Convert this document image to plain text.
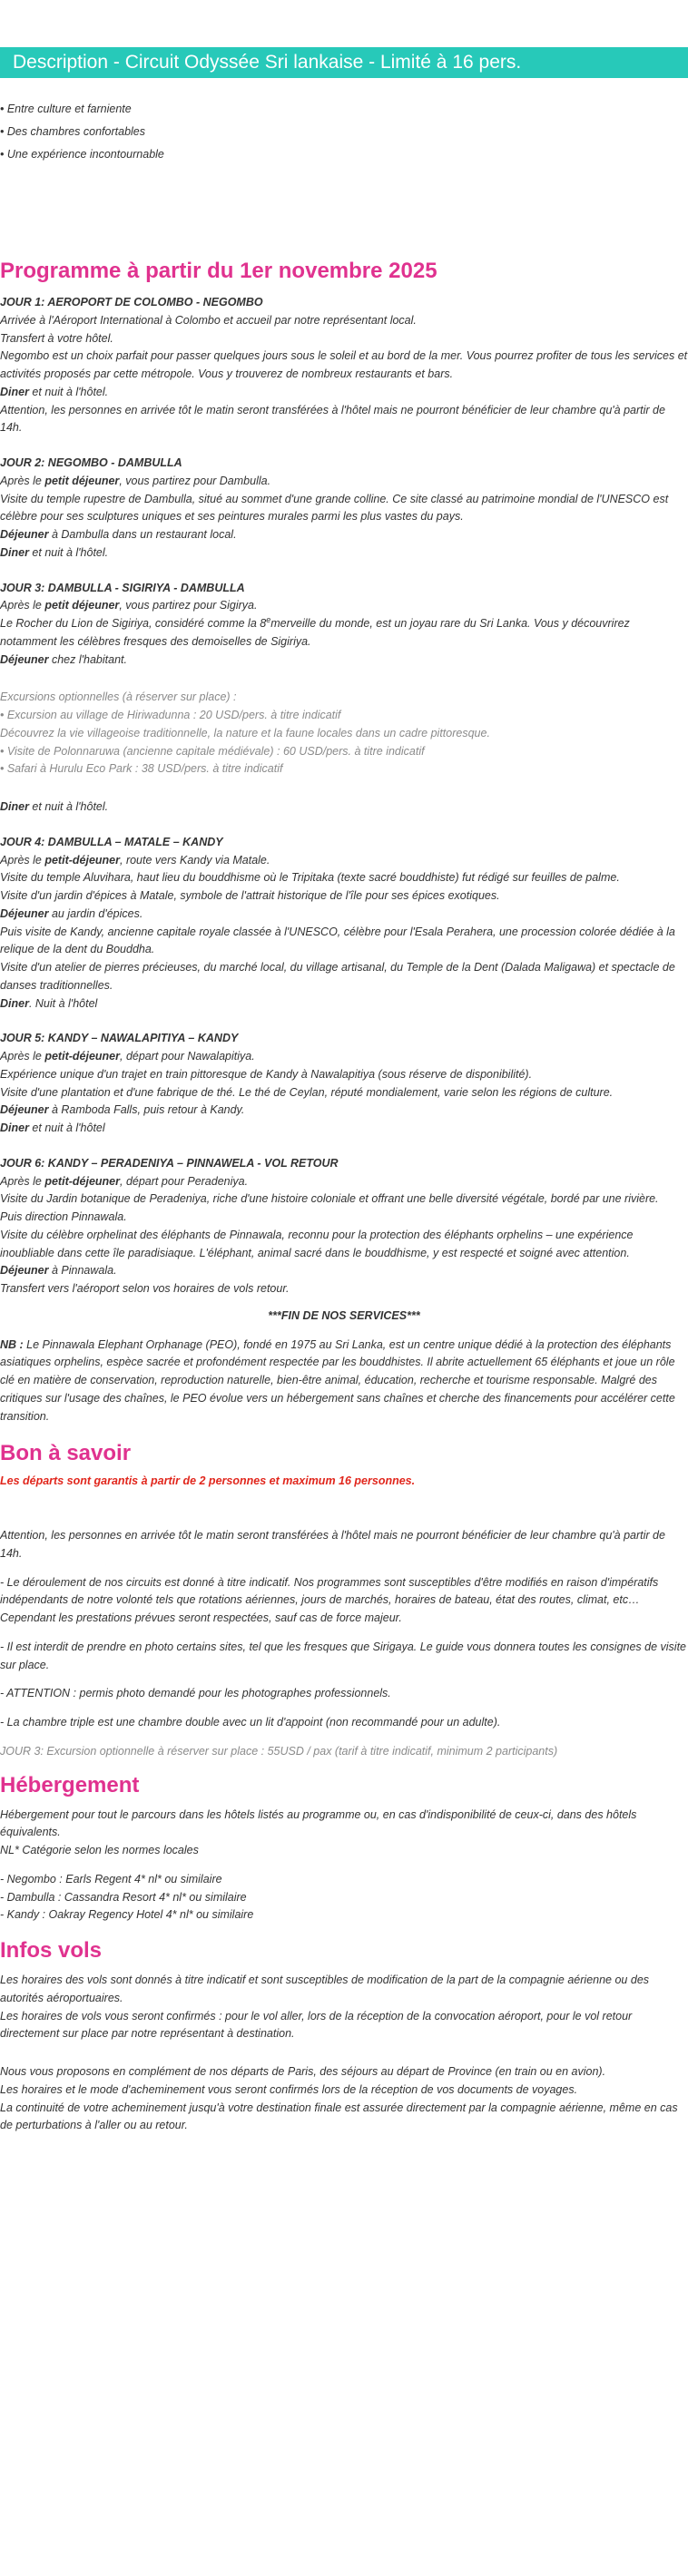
Description - Circuit Odyssée Sri lankaise - Limité à 16 pers.

• Entre culture et farniente

• Des chambres confortables

• Une expérience incontournable

Programme à partir du 1er novembre 2025

JOUR 1: AEROPORT DE COLOMBO - NEGOMBO

Arrivée à l'Aéroport International à Colombo et accueil par notre représentant local.

Transfert à votre hôtel.

Negombo est un choix parfait pour passer quelques jours sous le soleil et au bord de la mer. Vous pourrez profiter de tous les services et activités proposés par cette métropole. Vous y trouverez de nombreux restaurants et bars.

Diner et nuit à l'hôtel.

Attention, les personnes en arrivée tôt le matin seront transférées à l'hôtel mais ne pourront bénéficier de leur chambre qu'à partir de 14h.

JOUR 2: NEGOMBO - DAMBULLA

Après le petit déjeuner, vous partirez pour Dambulla.

Visite du temple rupestre de Dambulla, situé au sommet d'une grande colline. Ce site classé au patrimoine mondial de l'UNESCO est célèbre pour ses sculptures uniques et ses peintures murales parmi les plus vastes du pays.

Déjeuner à Dambulla dans un restaurant local.

Diner et nuit à l'hôtel.

JOUR 3: DAMBULLA - SIGIRIYA - DAMBULLA

Après le petit déjeuner, vous partirez pour Sigirya.

Le Rocher du Lion de Sigiriya, considéré comme la 8emerveille du monde, est un joyau rare du Sri Lanka. Vous y découvrirez notamment les célèbres fresques des demoiselles de Sigiriya.

Déjeuner chez l'habitant.

Excursions optionnelles (à réserver sur place) :

• Excursion au village de Hiriwadunna : 20 USD/pers. à titre indicatif

Découvrez la vie villageoise traditionnelle, la nature et la faune locales dans un cadre pittoresque.

• Visite de Polonnaruwa (ancienne capitale médiévale) : 60 USD/pers. à titre indicatif

• Safari à Hurulu Eco Park : 38 USD/pers. à titre indicatif

Diner et nuit à l'hôtel.

JOUR 4: DAMBULLA – MATALE – KANDY

Après le petit-déjeuner, route vers Kandy via Matale.

Visite du temple Aluvihara, haut lieu du bouddhisme où le Tripitaka (texte sacré bouddhiste) fut rédigé sur feuilles de palme.

Visite d'un jardin d'épices à Matale, symbole de l'attrait historique de l'île pour ses épices exotiques.

Déjeuner au jardin d'épices.

Puis visite de Kandy, ancienne capitale royale classée à l'UNESCO, célèbre pour l'Esala Perahera, une procession colorée dédiée à la relique de la dent du Bouddha.

Visite d'un atelier de pierres précieuses, du marché local, du village artisanal, du Temple de la Dent (Dalada Maligawa) et spectacle de danses traditionnelles.

Diner. Nuit à l'hôtel

JOUR 5: KANDY – NAWALAPITIYA – KANDY

Après le petit-déjeuner, départ pour Nawalapitiya.

Expérience unique d'un trajet en train pittoresque de Kandy à Nawalapitiya (sous réserve de disponibilité).

Visite d'une plantation et d'une fabrique de thé. Le thé de Ceylan, réputé mondialement, varie selon les régions de culture.

Déjeuner à Ramboda Falls, puis retour à Kandy.

Diner et nuit à l'hôtel

JOUR 6: KANDY – PERADENIYA – PINNAWELA - VOL RETOUR

Après le petit-déjeuner, départ pour Peradeniya.

Visite du Jardin botanique de Peradeniya, riche d'une histoire coloniale et offrant une belle diversité végétale, bordé par une rivière.

Puis direction Pinnawala.

Visite du célèbre orphelinat des éléphants de Pinnawala, reconnu pour la protection des éléphants orphelins – une expérience inoubliable dans cette île paradisiaque. L'éléphant, animal sacré dans le bouddhisme, y est respecté et soigné avec attention.

Déjeuner à Pinnawala.

Transfert vers l'aéroport selon vos horaires de vols retour.

***FIN DE NOS SERVICES***

NB : Le Pinnawala Elephant Orphanage (PEO), fondé en 1975 au Sri Lanka, est un centre unique dédié à la protection des éléphants asiatiques orphelins, espèce sacrée et profondément respectée par les bouddhistes. Il abrite actuellement 65 éléphants et joue un rôle clé en matière de conservation, reproduction naturelle, bien-être animal, éducation, recherche et tourisme responsable. Malgré des critiques sur l'usage des chaînes, le PEO évolue vers un hébergement sans chaînes et cherche des financements pour accélérer cette transition.

Bon à savoir

Les départs sont garantis à partir de 2 personnes et maximum 16 personnes.

Attention, les personnes en arrivée tôt le matin seront transférées à l'hôtel mais ne pourront bénéficier de leur chambre qu'à partir de 14h.

- Le déroulement de nos circuits est donné à titre indicatif. Nos programmes sont susceptibles d'être modifiés en raison d'impératifs indépendants de notre volonté tels que rotations aériennes, jours de marchés, horaires de bateau, état des routes, climat, etc… Cependant les prestations prévues seront respectées, sauf cas de force majeur.

- Il est interdit de prendre en photo certains sites, tel que les fresques que Sirigaya. Le guide vous donnera toutes les consignes de visite sur place.

- ATTENTION : permis photo demandé pour les photographes professionnels.

- La chambre triple est une chambre double avec un lit d'appoint (non recommandé pour un adulte).

JOUR 3: Excursion optionnelle à réserver sur place : 55USD / pax (tarif à titre indicatif, minimum 2 participants)

Hébergement

Hébergement pour tout le parcours dans les hôtels listés au programme ou, en cas d'indisponibilité de ceux-ci, dans des hôtels équivalents.

NL* Catégorie selon les normes locales

- Negombo : Earls Regent 4* nl* ou similaire

- Dambulla : Cassandra Resort 4* nl* ou similaire

- Kandy : Oakray Regency Hotel 4* nl* ou similaire

Infos vols

Les horaires des vols sont donnés à titre indicatif et sont susceptibles de modification de la part de la compagnie aérienne ou des autorités aéroportuaires.

Les horaires de vols vous seront confirmés : pour le vol aller, lors de la réception de la convocation aéroport, pour le vol retour directement sur place par notre représentant à destination.

Nous vous proposons en complément de nos départs de Paris, des séjours au départ de Province (en train ou en avion).

Les horaires et le mode d'acheminement vous seront confirmés lors de la réception de vos documents de voyages.

La continuité de votre acheminement jusqu'à votre destination finale est assurée directement par la compagnie aérienne, même en cas de perturbations à l'aller ou au retour.
